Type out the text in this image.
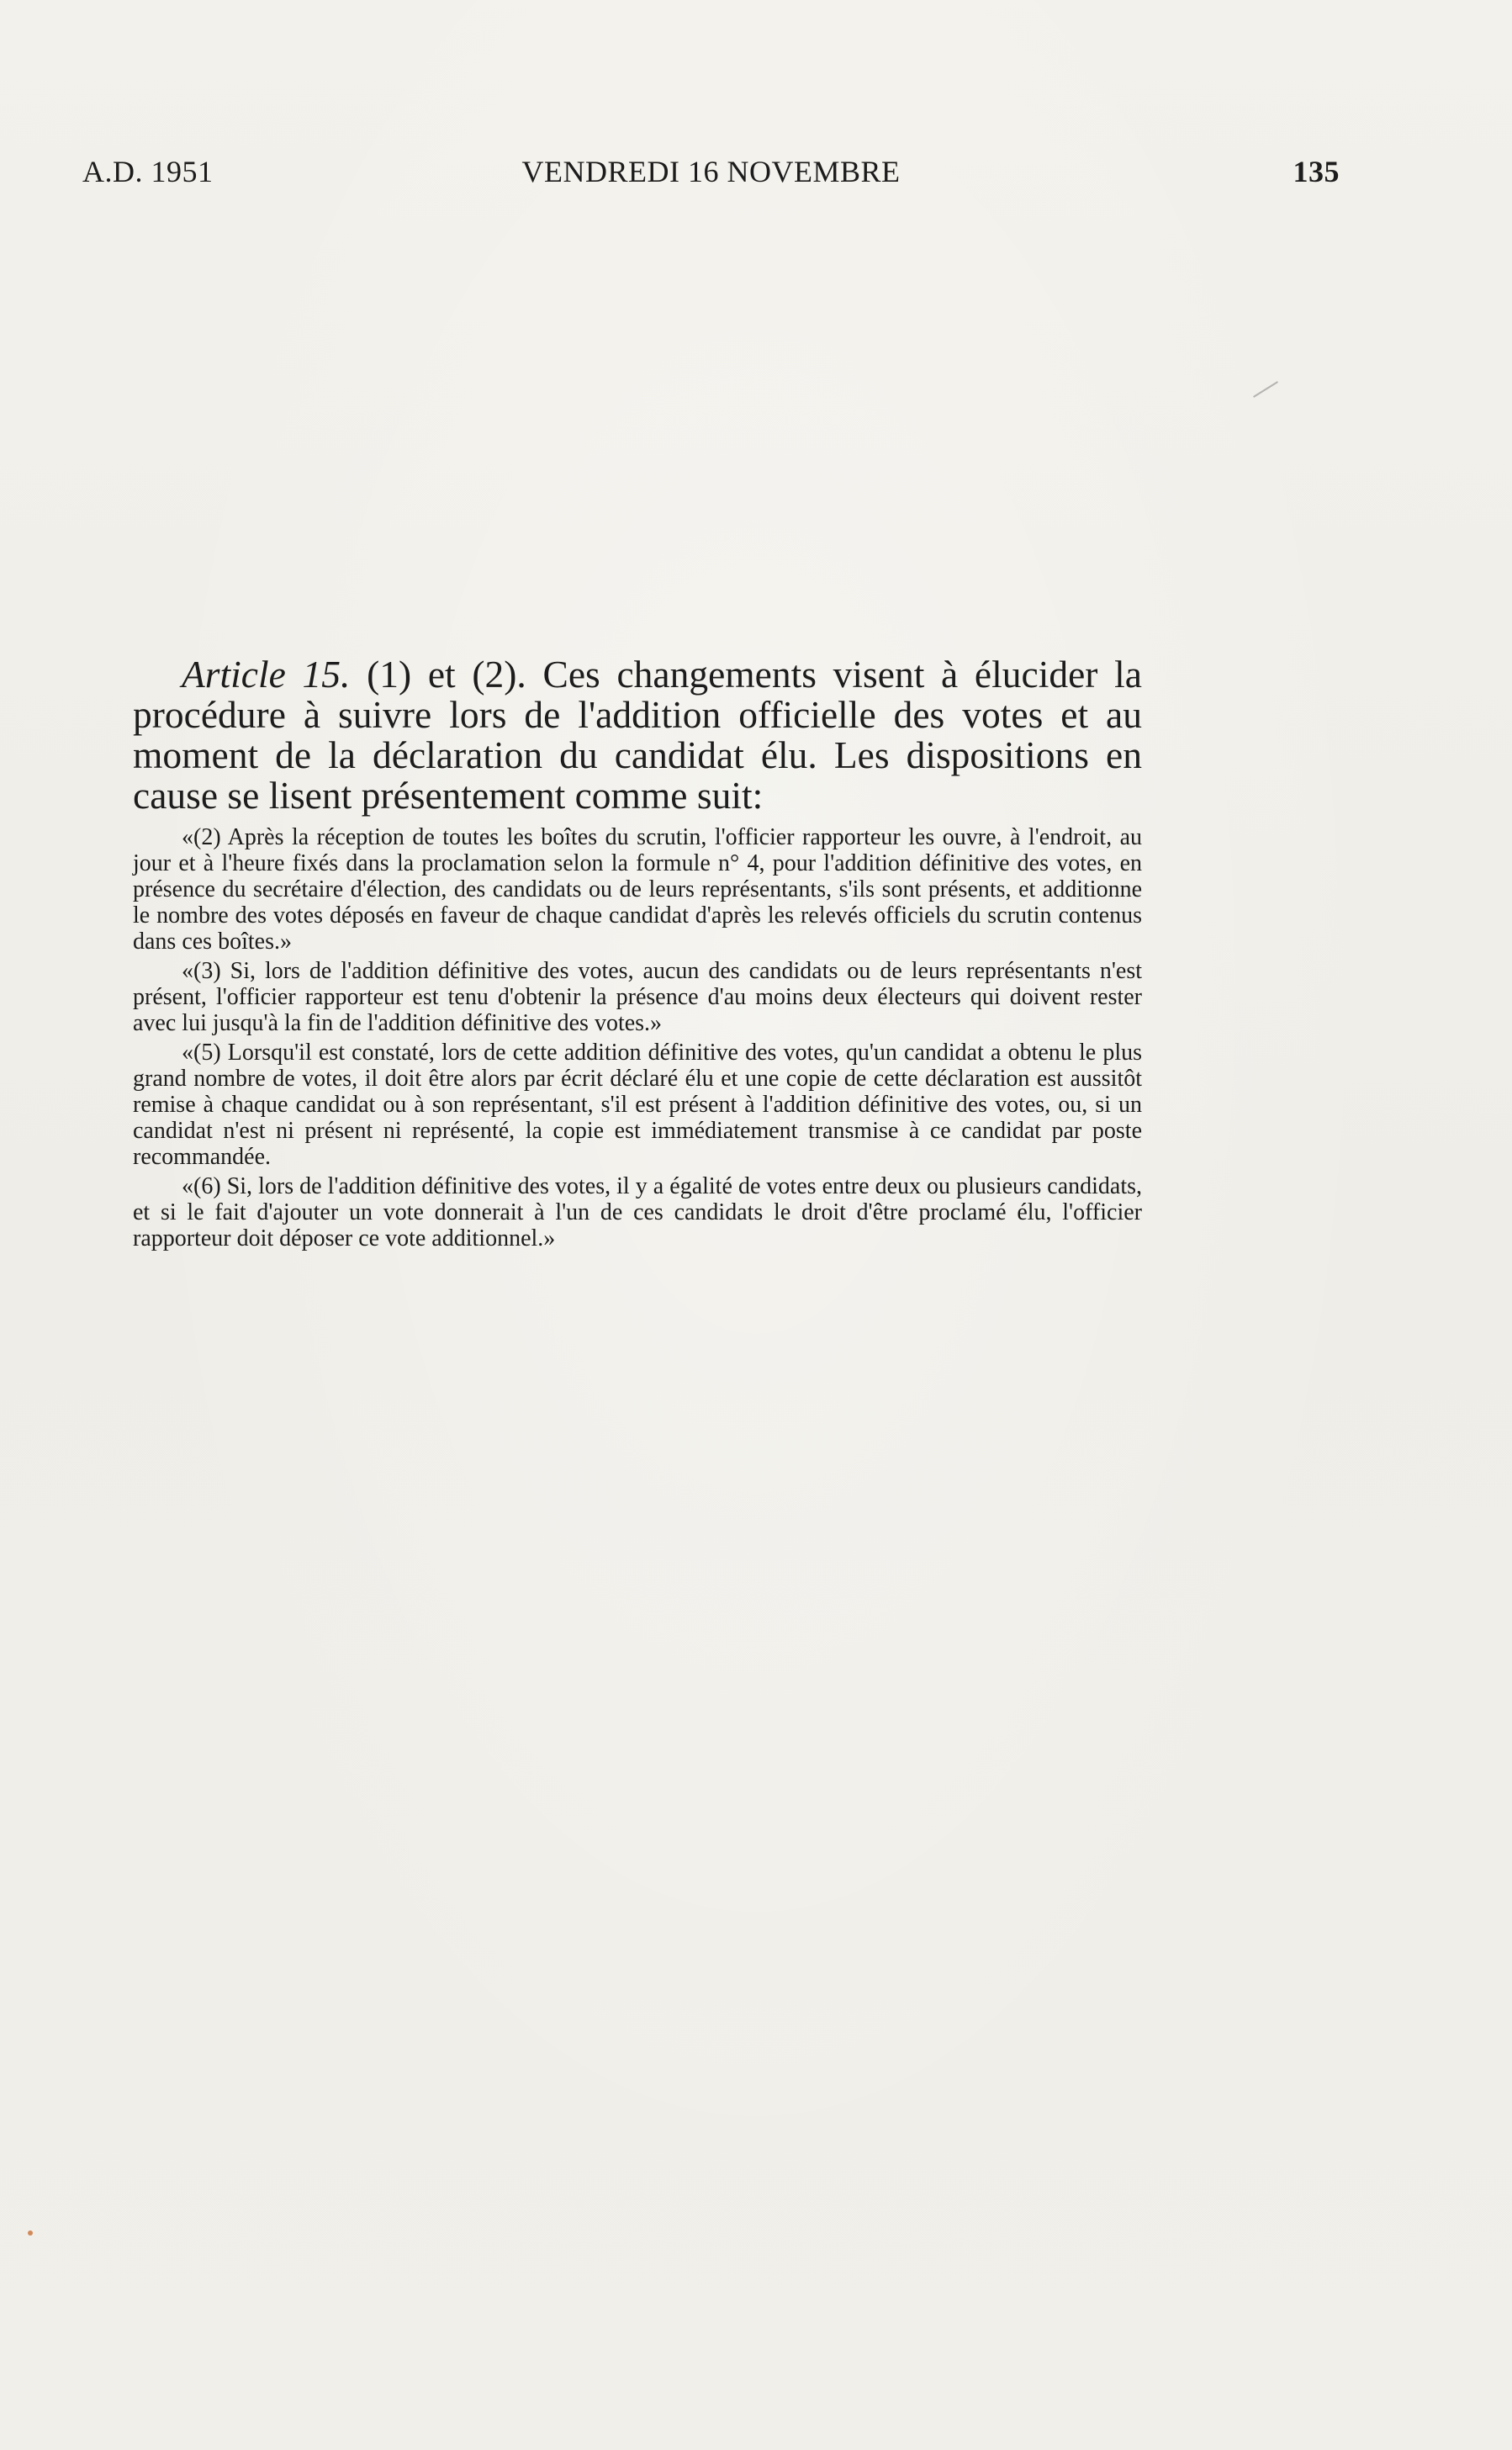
A.D. 1951	VENDREDI 16 NOVEMBRE	135

Article 15. (1) et (2). Ces changements visent à élucider la procédure à suivre lors de l'addition officielle des votes et au moment de la déclaration du candidat élu. Les dispositions en cause se lisent présentement comme suit:

«(2) Après la réception de toutes les boîtes du scrutin, l'officier rapporteur les ouvre, à l'endroit, au jour et à l'heure fixés dans la proclamation selon la formule n° 4, pour l'addition définitive des votes, en présence du secrétaire d'élection, des candidats ou de leurs représentants, s'ils sont présents, et additionne le nombre des votes déposés en faveur de chaque candidat d'après les relevés officiels du scrutin contenus dans ces boîtes.»

«(3) Si, lors de l'addition définitive des votes, aucun des candidats ou de leurs représentants n'est présent, l'officier rapporteur est tenu d'obtenir la présence d'au moins deux électeurs qui doivent rester avec lui jusqu'à la fin de l'addition définitive des votes.»

«(5) Lorsqu'il est constaté, lors de cette addition définitive des votes, qu'un candidat a obtenu le plus grand nombre de votes, il doit être alors par écrit déclaré élu et une copie de cette déclaration est aussitôt remise à chaque candidat ou à son représentant, s'il est présent à l'addition définitive des votes, ou, si un candidat n'est ni présent ni représenté, la copie est immédiatement transmise à ce candidat par poste recommandée.

«(6) Si, lors de l'addition définitive des votes, il y a égalité de votes entre deux ou plusieurs candidats, et si le fait d'ajouter un vote donnerait à l'un de ces candidats le droit d'être proclamé élu, l'officier rapporteur doit déposer ce vote additionnel.»
